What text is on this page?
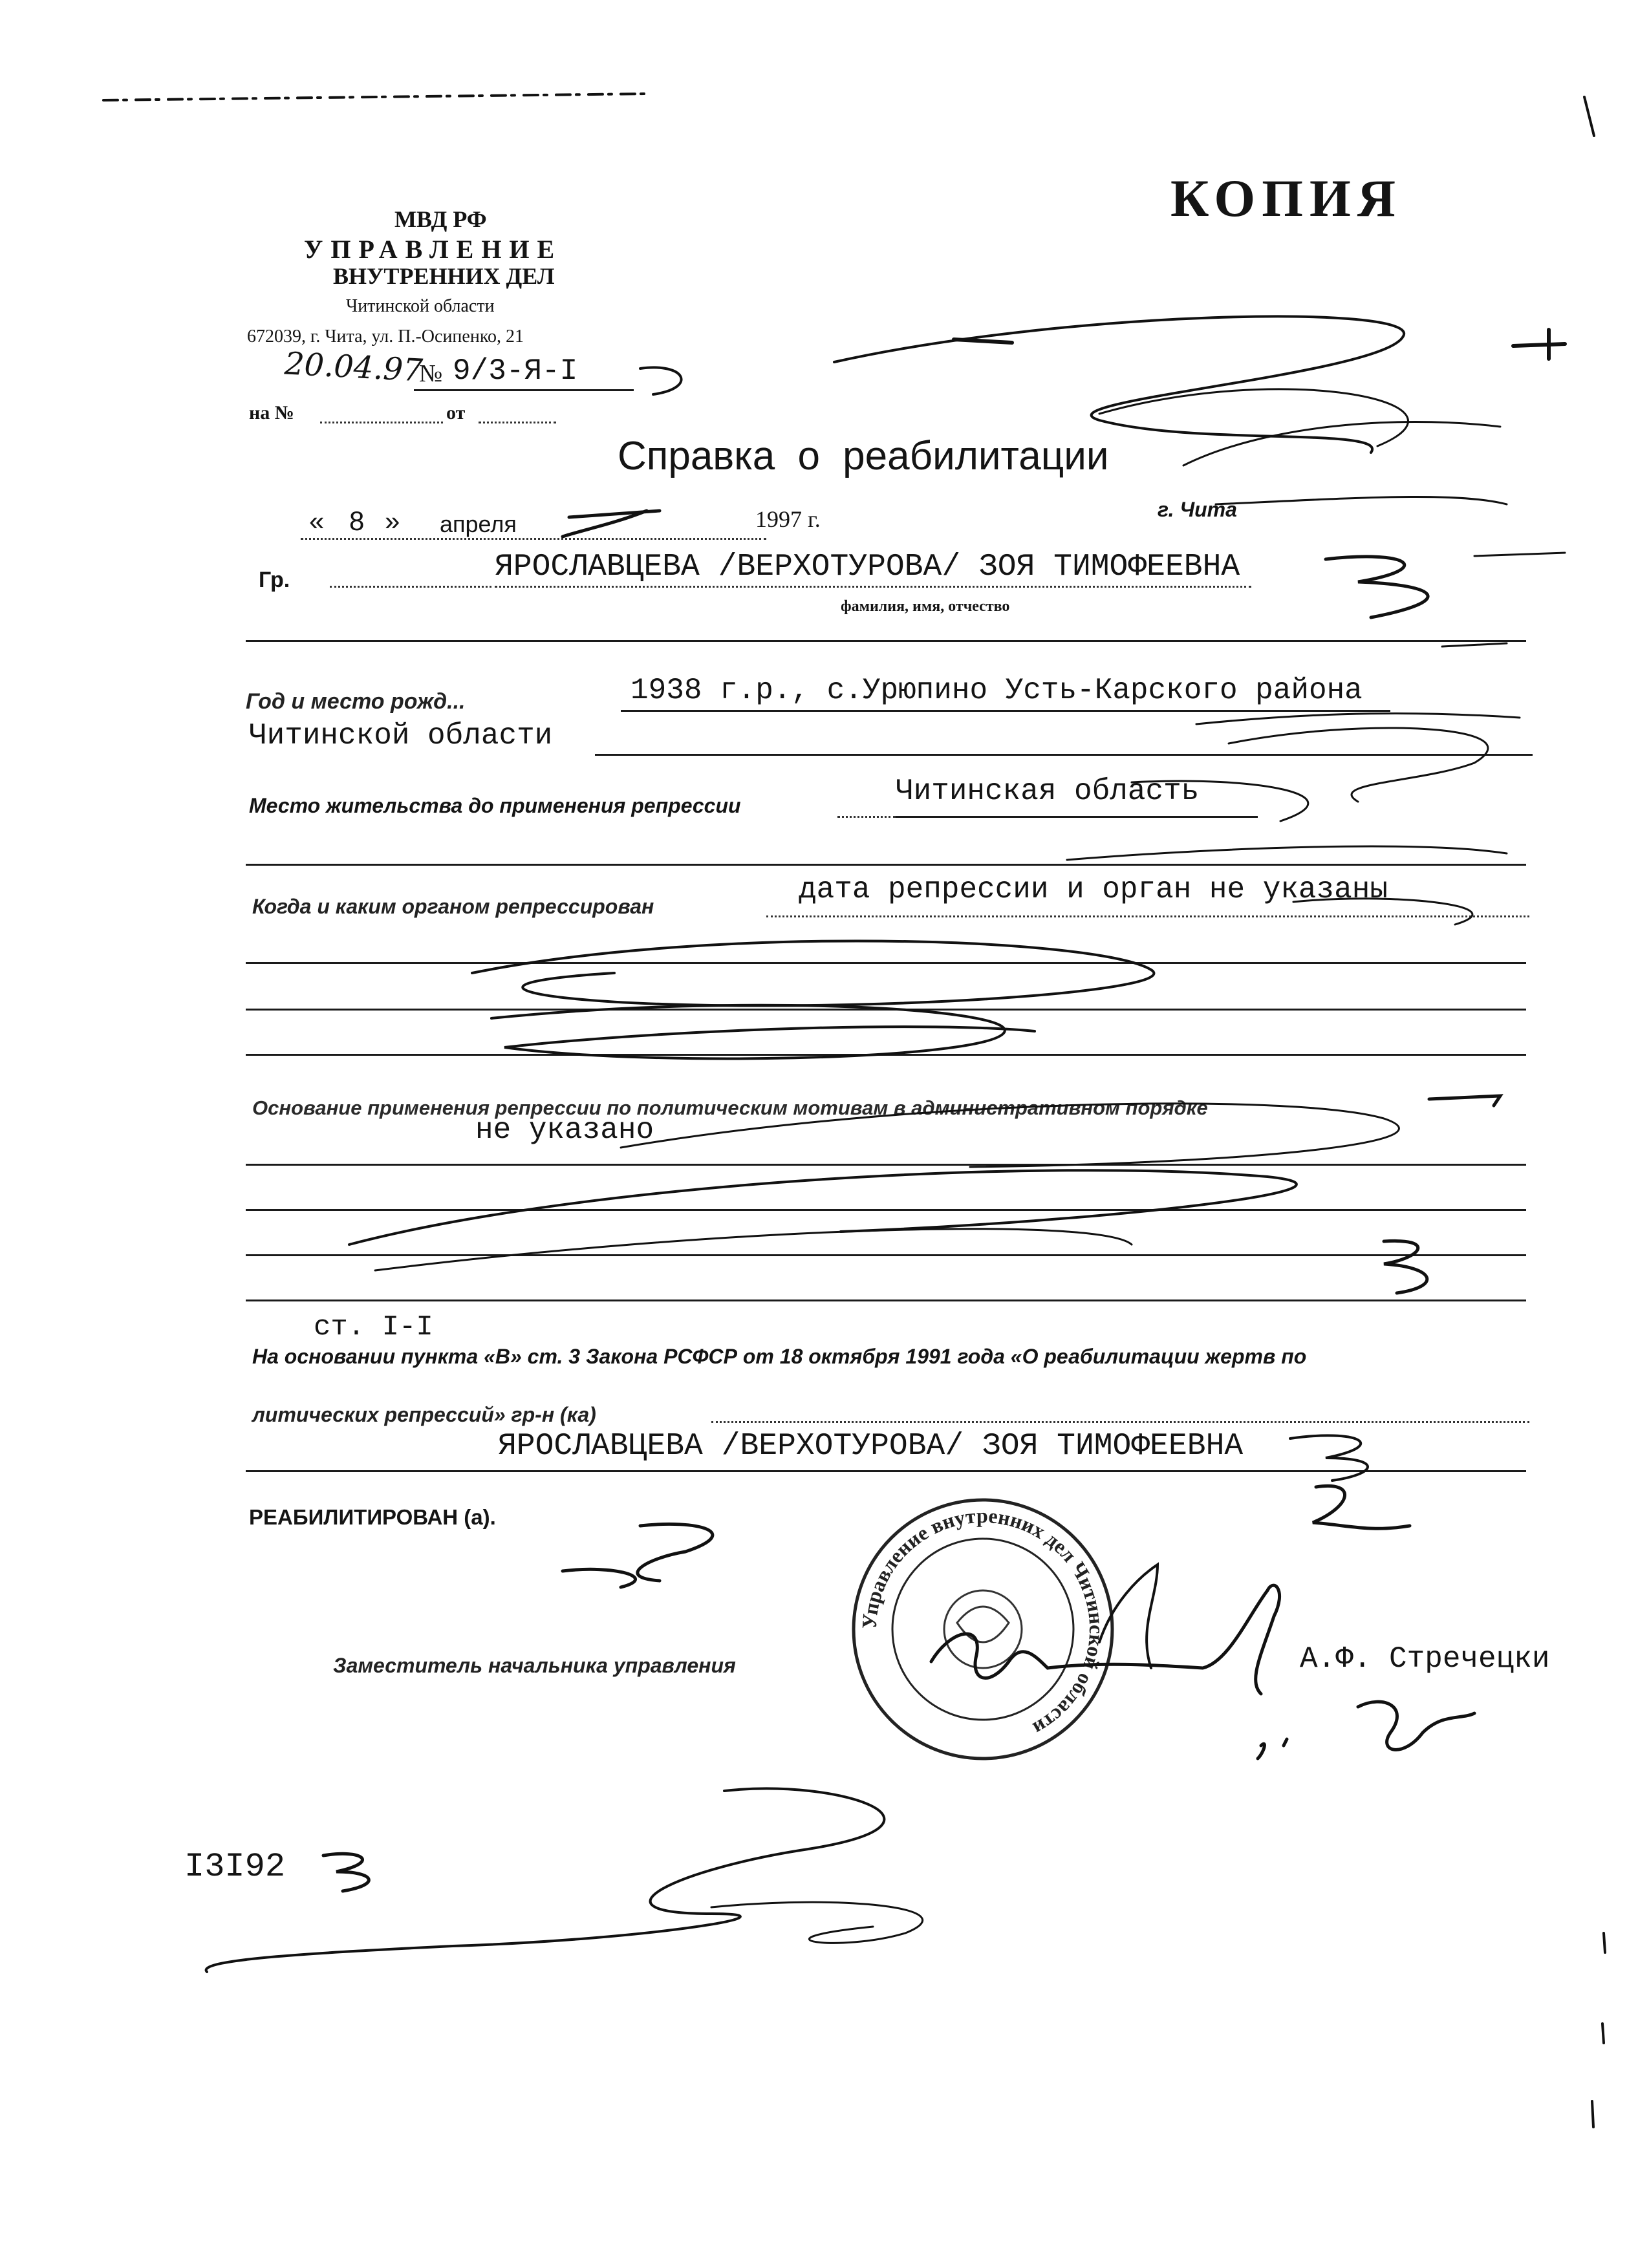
КОПИЯ
МВД РФ
УПРАВЛЕНИЕ
ВНУТРЕННИХ ДЕЛ
Читинской области
672039, г. Чита, ул. П.-Осипенко, 21
20.04.97
№ 9/3-Я-I
на №	от
Справка о реабилитации
« 8 » апреля	1997 г.	г. Чита
Гр.	ЯРОСЛАВЦЕВА /ВЕРХОТУРОВА/ ЗОЯ ТИМОФЕЕВНА
фамилия, имя, отчество
Год и место рожд...	1938 г.р., с.Урюпино Усть-Карского района
Читинской области
Место жительства до применения репрессии	Читинская область
Когда и каким органом репрессирован	дата репрессии и орган не указаны
Основание применения репрессии по политическим мотивам в административном порядке
не указано
ст. I-I
На основании пункта «В» ст. 3 Закона РСФСР от 18 октября 1991 года «О реабилитации жертв по
литических репрессий» гр-н (ка)
ЯРОСЛАВЦЕВА /ВЕРХОТУРОВА/ ЗОЯ ТИМОФЕЕВНА
РЕАБИЛИТИРОВАН (а).
Заместитель начальника управления	А.Ф. Стречецки
Управление внутренних дел Читинской области
I3I92
